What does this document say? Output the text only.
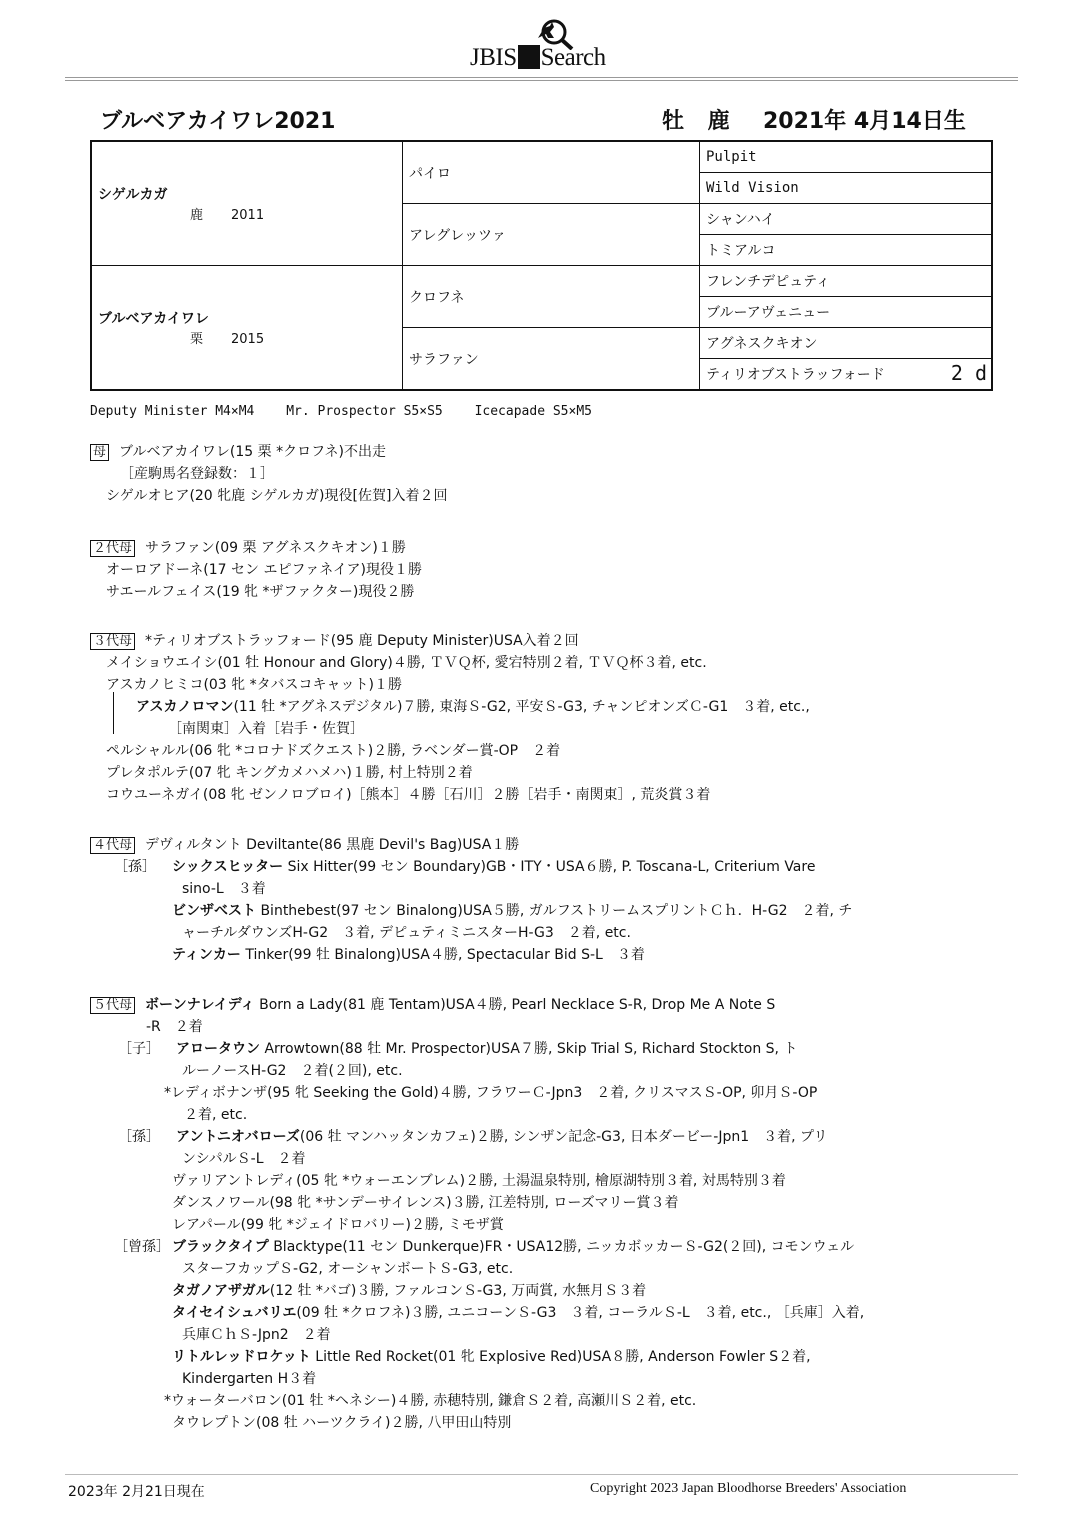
JBIS Search
ブルベアカイワレ2021	牡 鹿 2021年 4月14日生
シゲルカガ
鹿 2011	パイロ	Pulpit
		Wild Vision
	アレグレッツァ	シャンハイ
		トミアルコ

ブルベアカイワレ
栗 2015	クロフネ	フレンチデピュティ
		ブルーアヴェニュー
	サラファン	アグネスクキオン
		ティリオブストラッフォード 2 d
Deputy Minister M4×M4 Mr. Prospector S5×S5 Icecapade S5×M5
母 ブルベアカイワレ(15 栗 *クロフネ)不出走
［産駒馬名登録数：１］
シゲルオヒア(20 牝鹿 シゲルカガ)現役[佐賀]入着２回
２代母 サラファン(09 栗 アグネスクキオン)１勝
オーロアドーネ(17 セン エピファネイア)現役１勝
サエールフェイス(19 牝 *ザファクター)現役２勝
３代母 *ティリオブストラッフォード(95 鹿 Deputy Minister)USA入着２回
メイショウエイシ(01 牡 Honour and Glory)４勝, ＴＶＱ杯, 愛宕特別２着, ＴＶＱ杯３着, etc.
アスカノヒミコ(03 牝 *タバスコキャット)１勝
アスカノロマン(11 牡 *アグネスデジタル)７勝, 東海Ｓ-G2, 平安Ｓ-G3, チャンピオンズＣ-G1　３着, etc.,
［南関東］入着［岩手・佐賀］
ペルシャルル(06 牝 *コロナドズクエスト)２勝, ラベンダー賞-OP　２着
プレタポルテ(07 牝 キングカメハメハ)１勝, 村上特別２着
コウユーネガイ(08 牝 ゼンノロブロイ)［熊本］４勝［石川］２勝［岩手・南関東］, 荒炎賞３着
４代母 デヴィルタント Deviltante(86 黒鹿 Devil's Bag)USA１勝
［孫］ シックスヒッター Six Hitter(99 セン Boundary)GB・ITY・USA６勝, P. Toscana-L, Criterium Vare
sino-L　３着
ビンザベスト Binthebest(97 セン Binalong)USA５勝, ガルフストリームスプリントＣｈ．H-G2　２着, チ
ャーチルダウンズH-G2　３着, デピュティミニスターH-G3　２着, etc.
ティンカー Tinker(99 牡 Binalong)USA４勝, Spectacular Bid S-L　３着
５代母 ボーンナレイディ Born a Lady(81 鹿 Tentam)USA４勝, Pearl Necklace S-R, Drop Me A Note S
-R　２着
［子］ アロータウン Arrowtown(88 牡 Mr. Prospector)USA７勝, Skip Trial S, Richard Stockton S, ト
ルーノースH-G2　２着(２回), etc.
*レディボナンザ(95 牝 Seeking the Gold)４勝, フラワーＣ-Jpn3　２着, クリスマスＳ-OP, 卯月Ｓ-OP
２着, etc.
［孫］ アントニオバローズ(06 牡 マンハッタンカフェ)２勝, シンザン記念-G3, 日本ダービー-Jpn1　３着, プリ
ンシパルＳ-L　２着
ヴァリアントレディ(05 牝 *ウォーエンブレム)２勝, 土湯温泉特別, 檜原湖特別３着, 対馬特別３着
ダンスノワール(98 牝 *サンデーサイレンス)３勝, 江差特別, ローズマリー賞３着
レアパール(99 牝 *ジェイドロバリー)２勝, ミモザ賞
［曾孫］ ブラックタイプ Blacktype(11 セン Dunkerque)FR・USA12勝, ニッカボッカーＳ-G2(２回), コモンウェル
スターフカップＳ-G2, オーシャンボートＳ-G3, etc.
タガノアザガル(12 牡 *バゴ)３勝, ファルコンＳ-G3, 万両賞, 水無月Ｓ３着
タイセイシュバリエ(09 牡 *クロフネ)３勝, ユニコーンＳ-G3　３着, コーラルＳ-L　３着, etc., ［兵庫］入着,
兵庫ＣｈＳ-Jpn2　２着
リトルレッドロケット Little Red Rocket(01 牝 Explosive Red)USA８勝, Anderson Fowler S２着,
Kindergarten H３着
*ウォーターバロン(01 牡 *ヘネシー)４勝, 赤穂特別, 鎌倉Ｓ２着, 高瀬川Ｓ２着, etc.
タウレプトン(08 牡 ハーツクライ)２勝, 八甲田山特別
2023年 2月21日現在	Copyright 2023 Japan Bloodhorse Breeders' Association
